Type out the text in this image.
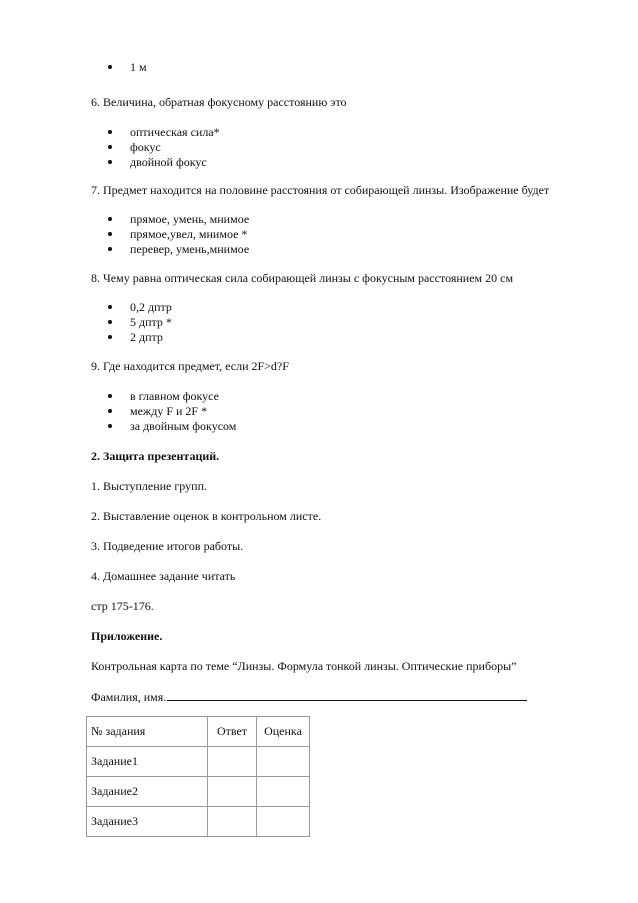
1 м
6. Величина, обратная фокусному расстоянию это
оптическая сила*
фокус
двойной фокус
7. Предмет находится на половине расстояния от собирающей линзы. Изображение будет
прямое, умень, мнимое
прямое,увел, мнимое *
перевер, умень,мнимое
8. Чему равна оптическая сила собирающей линзы с фокусным расстоянием 20 см
0,2 дптр
5 дптр *
2 дптр
9. Где находится предмет, если 2F>d?F
в главном фокусе
между F и 2F *
за двойным фокусом
2. Защита презентаций.
1. Выступление групп.
2. Выставление оценок в контрольном листе.
3. Подведение итогов работы.
4. Домашнее задание читать
стр 175-176.
Приложение.
Контрольная карта по теме “Линзы. Формула тонкой линзы. Оптические приборы”
Фамилия, имя.
№ задания	Ответ	Оценка
Задание1		
Задание2		
Задание3		
